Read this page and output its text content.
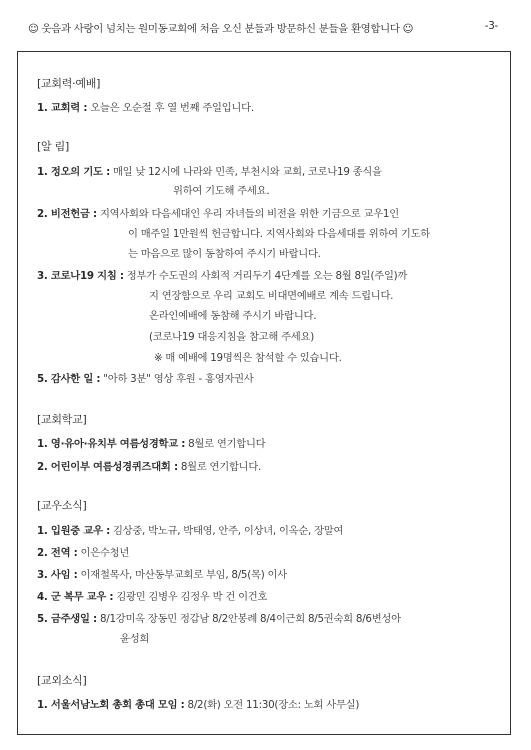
☺ 웃음과 사랑이 넘치는 원미동교회에 처음 오신 분들과 방문하신 분들을 환영합니다 ☺	-3-
[교회력·예배]
1. 교회력 : 오늘은 오순절 후 열 번째 주일입니다.
[알 림]
1. 정오의 기도 : 매일 낮 12시에 나라와 민족, 부천시와 교회, 코로나19 종식을
위하여 기도해 주세요.
2. 비전헌금 : 지역사회와 다음세대인 우리 자녀들의 비전을 위한 기금으로 교우1인
이 매주일 1만원씩 헌금합니다. 지역사회와 다음세대를 위하여 기도하
는 마음으로 많이 동참하여 주시기 바랍니다.
3. 코로나19 지침 : 정부가 수도권의 사회적 거리두기 4단계를 오는 8월 8일(주일)까
지 연장함으로 우리 교회도 비대면예배로 계속 드립니다.
온라인예배에 동참해 주시기 바랍니다.
(코로나19 대응지침을 참고해 주세요)
※ 매 예배에 19명씩은 참석할 수 있습니다.
5. 감사한 일 : "아하 3분" 영상 후원 - 홍영자권사
[교회학교]
1. 영·유아·유치부 여름성경학교 : 8월로 연기합니다
2. 어린이부 여름성경퀴즈대회 : 8월로 연기합니다.
[교우소식]
1. 입원중 교우 : 김상중, 박노규, 박태영, 안주, 이상녀, 이옥순, 장말여
2. 전역 : 이은수청년
3. 사임 : 이재철목사, 마산동부교회로 부임, 8/5(목) 이사
4. 군 복무 교우 : 김광민 김병우 김정우 박 건 이건호
5. 금주생일 : 8/1강미옥 장동민 정갑남 8/2안봉례 8/4이근희 8/5권숙희 8/6변성아
윤성희
[교외소식]
1. 서울서남노회 총회 총대 모임 : 8/2(화) 오전 11:30(장소: 노회 사무실)
